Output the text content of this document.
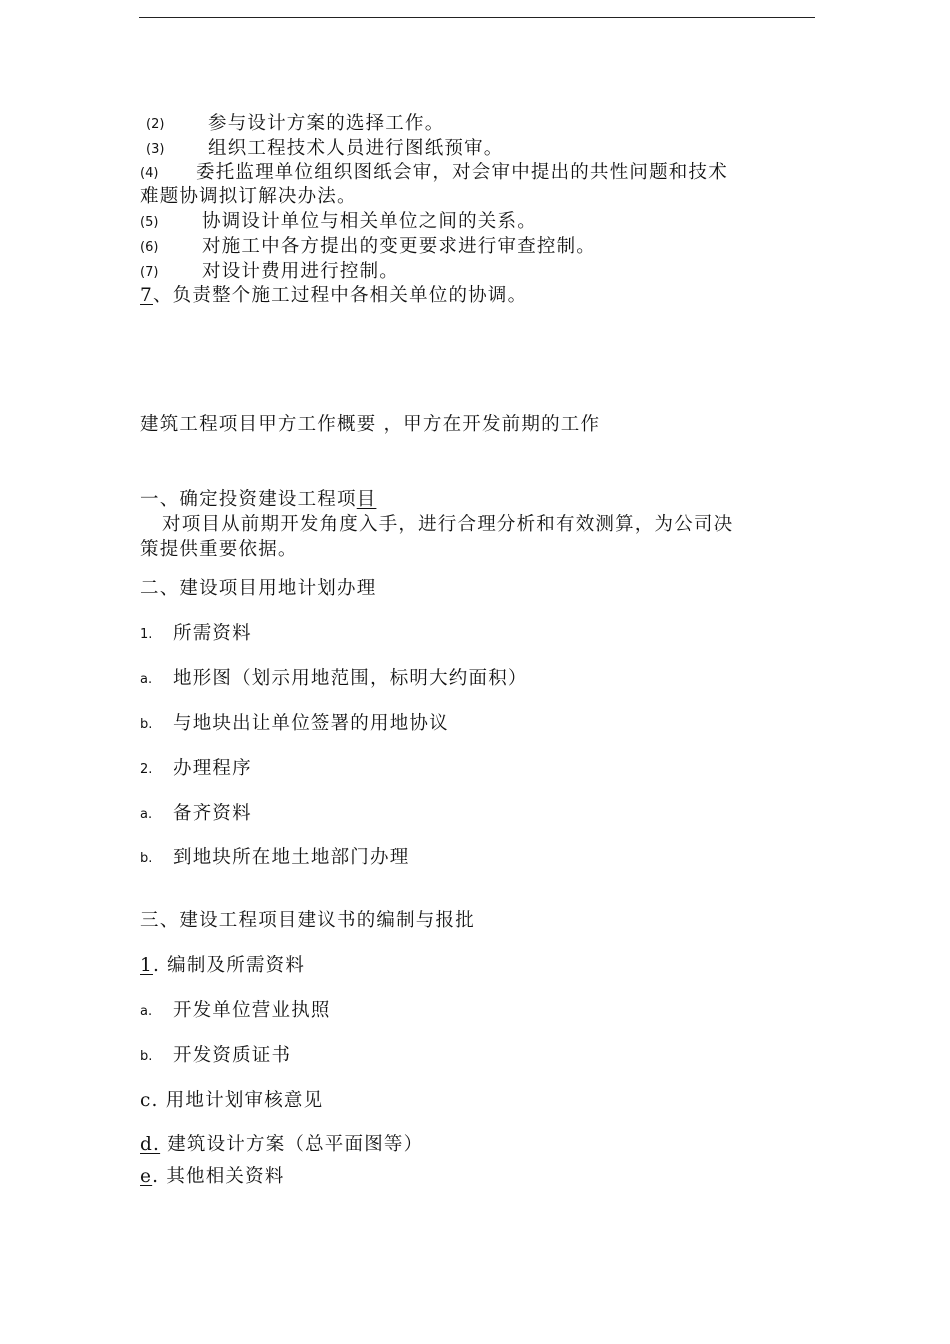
(2) 参与设计方案的选择工作。
(3) 组织工程技术人员进行图纸预审。
(4) 委托监理单位组织图纸会审，对会审中提出的共性问题和技术
难题协调拟订解决办法。
(5) 协调设计单位与相关单位之间的关系。
(6) 对施工中各方提出的变更要求进行审查控制。
(7) 对设计费用进行控制。
7、负责整个施工过程中各相关单位的协调。
建筑工程项目甲方工作概要 ，甲方在开发前期的工作
一、确定投资建设工程项目
对项目从前期开发角度入手，进行合理分析和有效测算，为公司决
策提供重要依据。
二、建设项目用地计划办理
1. 所需资料
a. 地形图（划示用地范围，标明大约面积）
b. 与地块出让单位签署的用地协议
2. 办理程序
a. 备齐资料
b. 到地块所在地土地部门办理
三、建设工程项目建议书的编制与报批
1. 编制及所需资料
a. 开发单位营业执照
b. 开发资质证书
c. 用地计划审核意见
d. 建筑设计方案（总平面图等）
e. 其他相关资料
